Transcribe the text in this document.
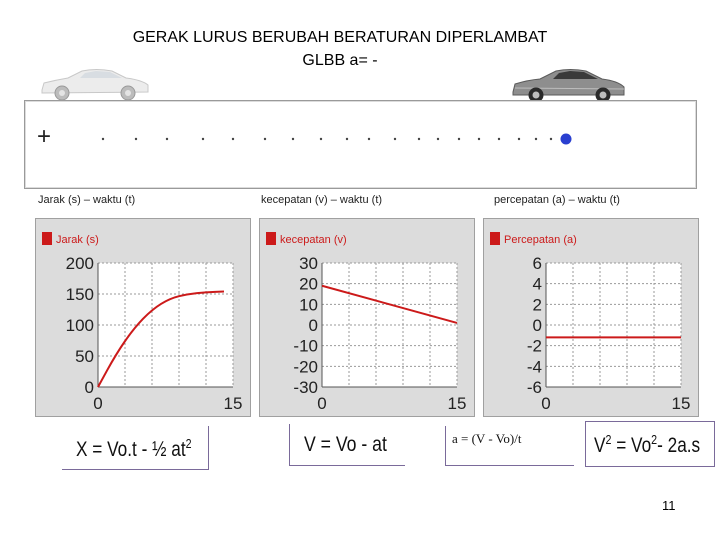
GERAK LURUS BERUBAH BERATURAN DIPERLAMBAT
GLBB a= -
+
Jarak (s) – waktu (t)	kecepatan (v) – waktu (t)	percepatan (a) – waktu (t)
Jarak (s)
200
150
100
50
0
0	15
kecepatan (v)
30
20
10
0
-10
-20
-30
0	15
Percepatan (a)
6
4
2
0
-2
-4
-6
0	15
X = Vo.t - ½ $at^2$	V = Vo - at	a = (V - Vo)/t	$V^2 = Vo^2-$ 2a.s
11
